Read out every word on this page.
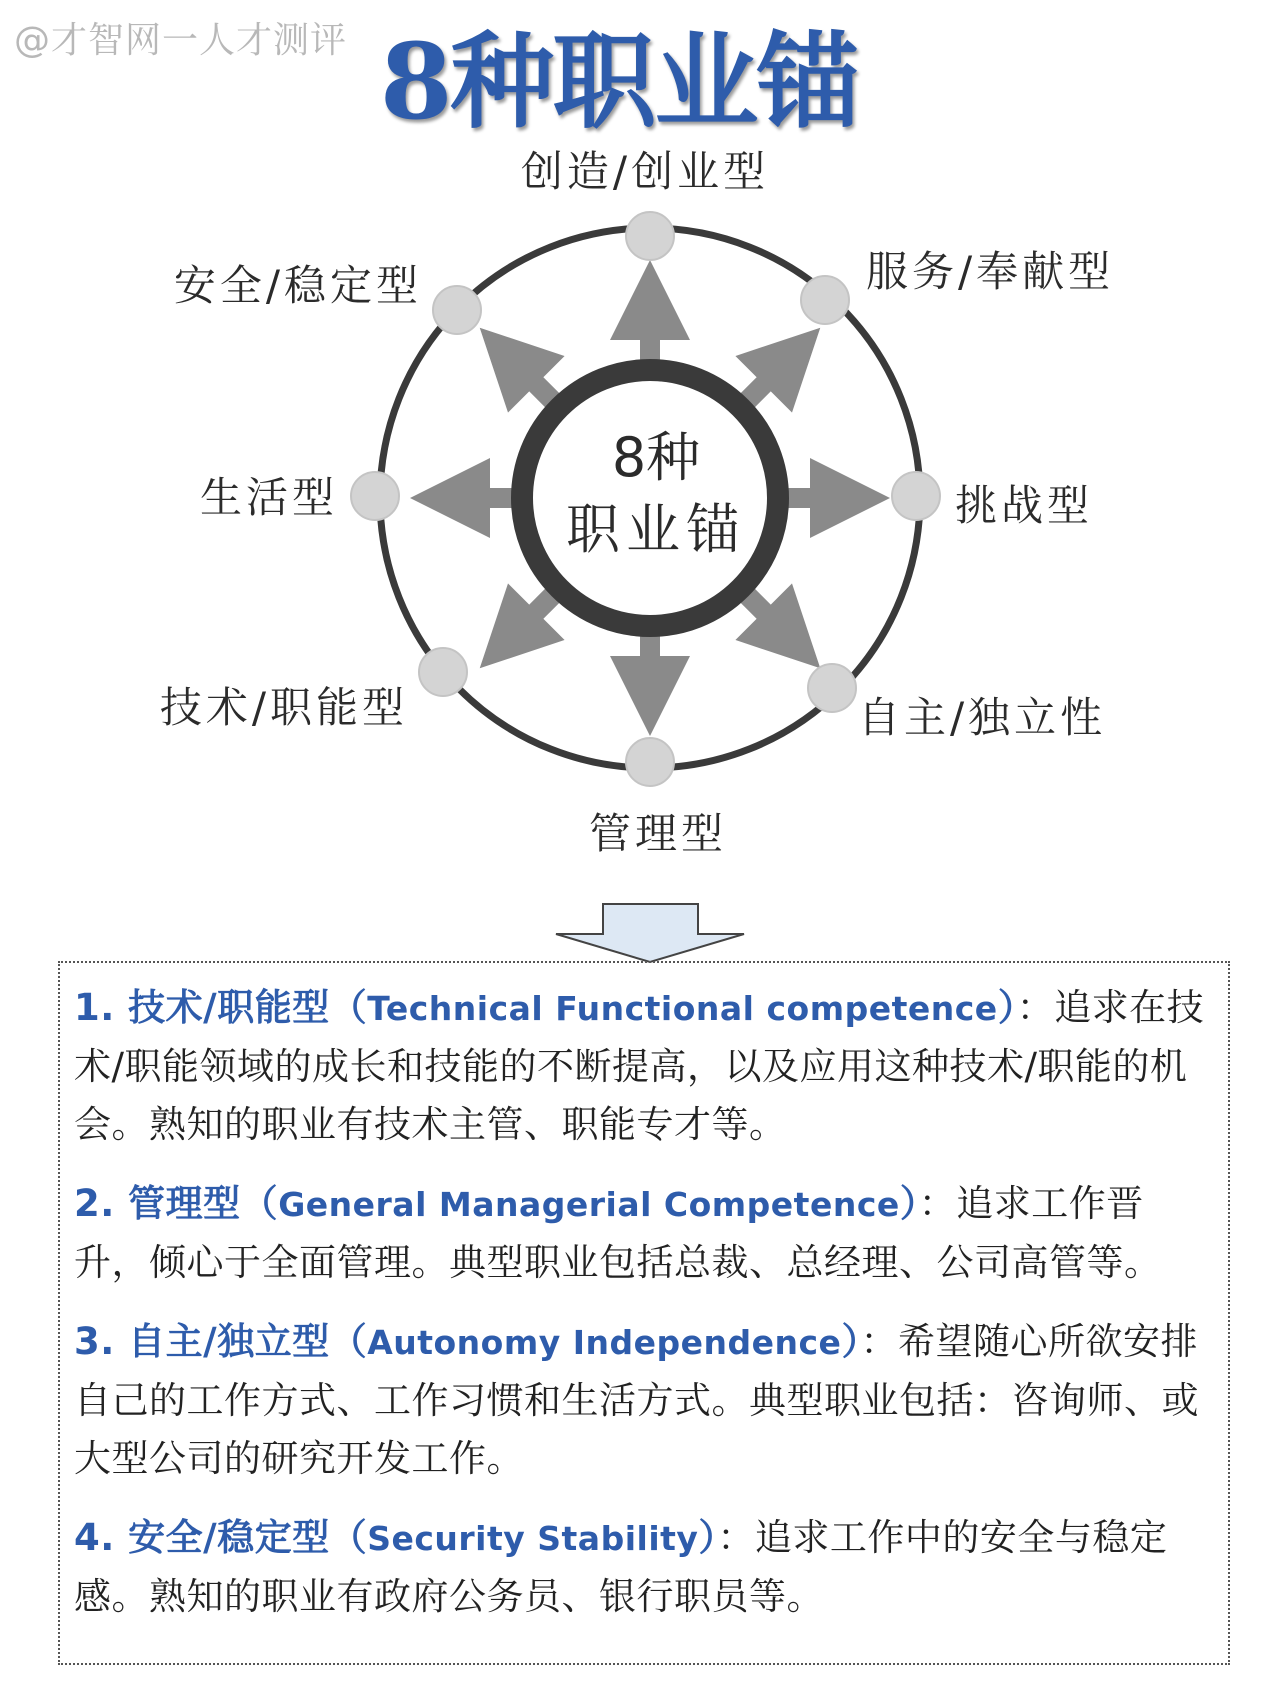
@才智网一人才测评 8种职业锚
8种
职业锚
创造/创业型
服务/奉献型
挑战型
自主/独立性
管理型
技术/职能型
生活型
安全/稳定型
1. 技术/职能型（Technical Functional competence）：追求在技术/职能领域的成长和技能的不断提高，以及应用这种技术/职能的机会。熟知的职业有技术主管、职能专才等。
2. 管理型（General Managerial Competence）：追求工作晋升，倾心于全面管理。典型职业包括总裁、总经理、公司高管等。
3. 自主/独立型（Autonomy Independence）：希望随心所欲安排自己的工作方式、工作习惯和生活方式。典型职业包括：咨询师、或大型公司的研究开发工作。
4. 安全/稳定型（Security Stability）：追求工作中的安全与稳定感。熟知的职业有政府公务员、银行职员等。
